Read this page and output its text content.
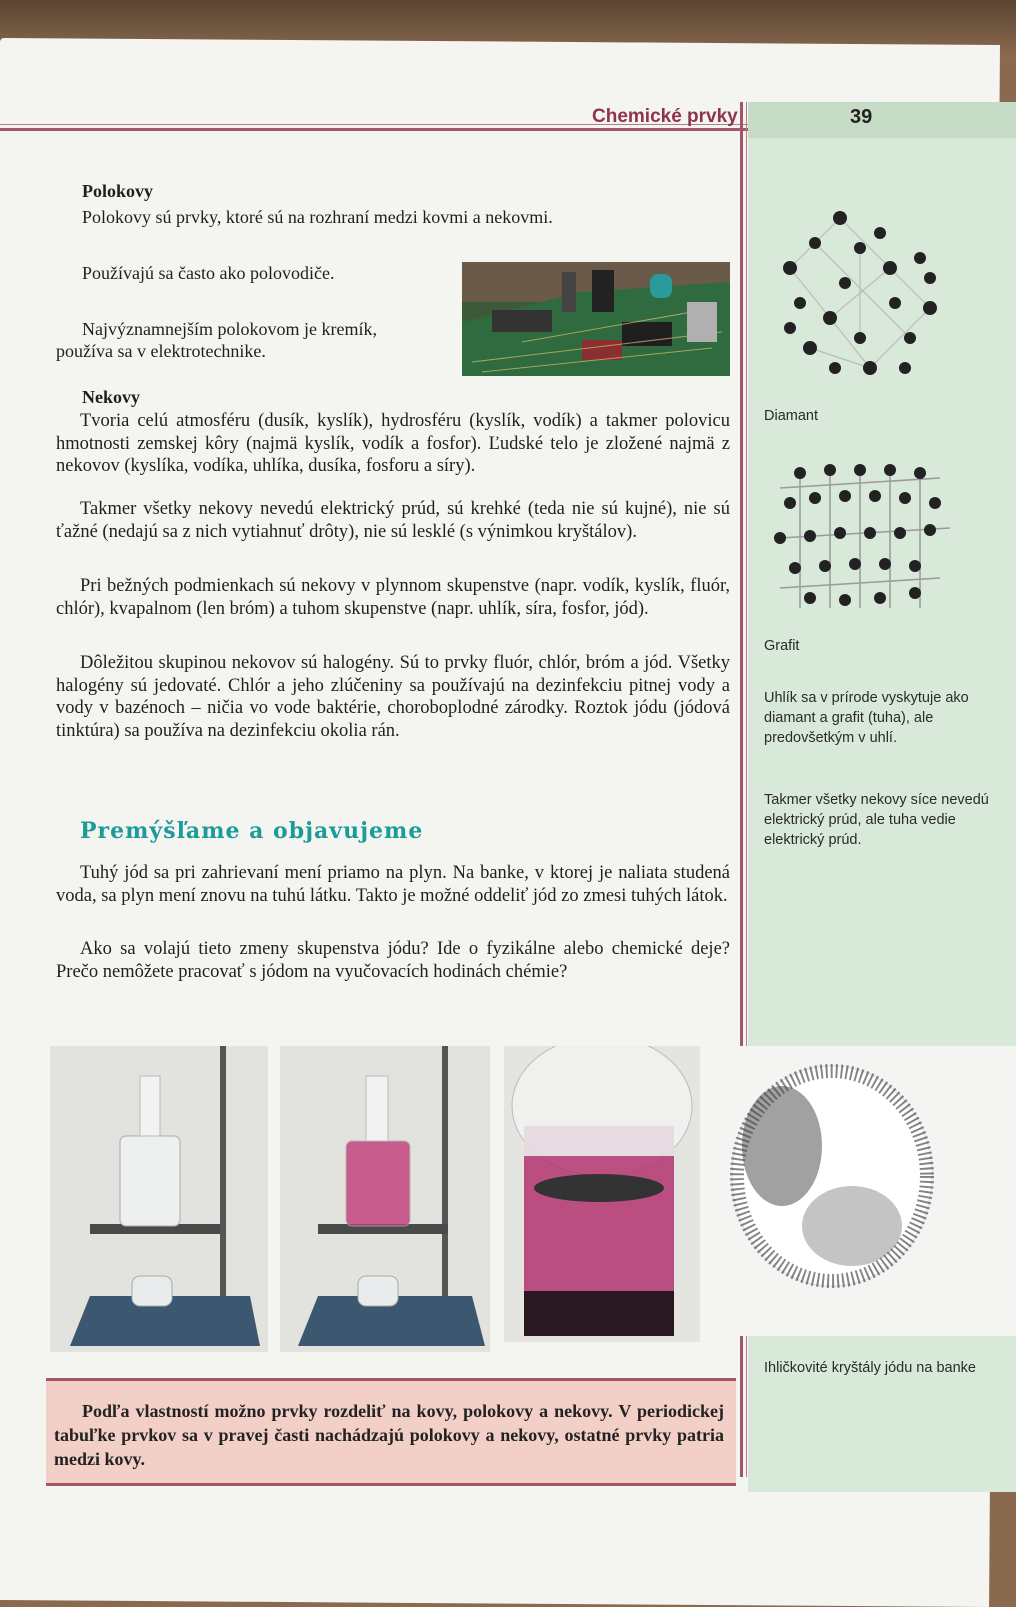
Chemické prvky	39
Polokovy
Polokovy sú prvky, ktoré sú na rozhraní medzi kovmi a nekovmi.
Používajú sa často ako polovodiče.
Najvýznamnejším polokovom je kremík,
používa sa v elektrotechnike.
Nekovy
Tvoria celú atmosféru (dusík, kyslík), hydrosféru (kyslík, vodík) a takmer polovicu hmotnosti zemskej kôry (najmä kyslík, vodík a fosfor). Ľudské telo je zložené najmä z nekovov (kyslíka, vodíka, uhlíka, dusíka, fosforu a síry).
Takmer všetky nekovy nevedú elektrický prúd, sú krehké (teda nie sú kujné), nie sú ťažné (nedajú sa z nich vytiahnuť drôty), nie sú lesklé (s výnimkou kryštálov).
Pri bežných podmienkach sú nekovy v plynnom skupenstve (napr. vodík, kyslík, fluór, chlór), kvapalnom (len bróm) a tuhom skupenstve (napr. uhlík, síra, fosfor, jód).
Dôležitou skupinou nekovov sú halogény. Sú to prvky fluór, chlór, bróm a jód. Všetky halogény sú jedovaté. Chlór a jeho zlúčeniny sa používajú na dezinfekciu pitnej vody a vody v bazénoch – ničia vo vode baktérie, choroboplodné zárodky. Roztok jódu (jódová tinktúra) sa používa na dezinfekciu okolia rán.
Premýšľame a objavujeme
Tuhý jód sa pri zahrievaní mení priamo na plyn. Na banke, v ktorej je naliata studená voda, sa plyn mení znovu na tuhú látku. Takto je možné oddeliť jód zo zmesi tuhých látok.
Ako sa volajú tieto zmeny skupenstva jódu? Ide o fyzikálne alebo chemické deje? Prečo nemôžete pracovať s jódom na vyučovacích hodinách chémie?
Diamant
Grafit
Uhlík sa v prírode vyskytuje ako diamant a grafit (tuha), ale predovšetkým v uhlí.
Takmer všetky nekovy síce nevedú elektrický prúd, ale tuha vedie elektrický prúd.
Ihličkovité kryštály jódu na banke

Podľa vlastností možno prvky rozdeliť na kovy, polokovy a nekovy. V periodickej tabuľke prvkov sa v pravej časti nachádzajú polokovy a nekovy, ostatné prvky patria medzi kovy.
